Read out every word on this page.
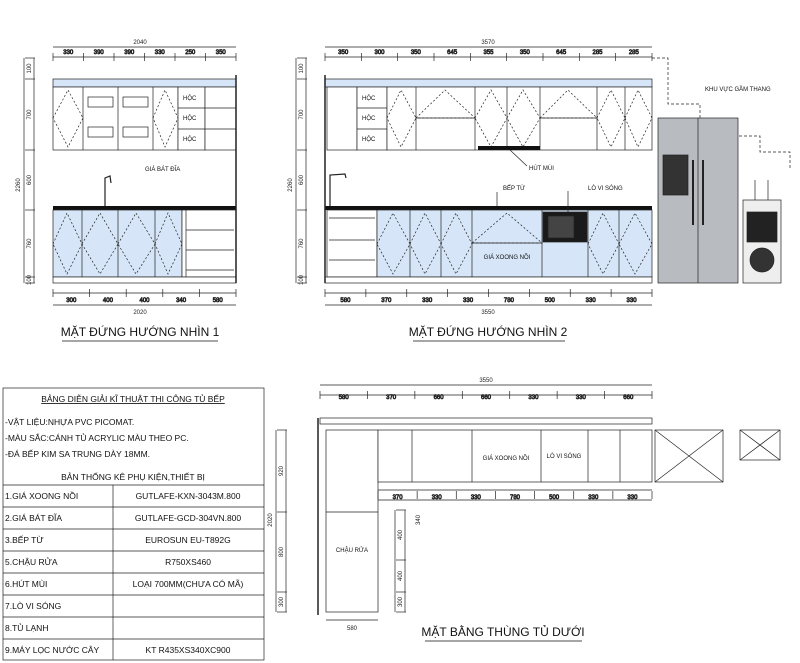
330	390	390	330	250	350
300	400	400	340	580
2040
2020
2260
HỘC
HỘC
HỘC
GIÁ BÁT ĐĨA
MẶT ĐỨNG HƯỚNG NHÌN 1
350	300	350	645	355	350	645	285	285
580	370	330	330	780	500	330	330
3570
3550
2260
HỘC
HỘC
HỘC
HÚT MÙI
BẾP TỪ	LÒ VI SÓNG
GIÁ XOONG NỒI
KHU VỰC GẦM THANG
MẶT ĐỨNG HƯỚNG NHÌN 2
580	370	660	660	330	330	660
370	330	330	780	500	330	330
3550
2020	340
580
GIÁ XOONG NỒI	LÒ VI SÓNG
CHẬU RỬA
MẶT BẰNG THÙNG TỦ DƯỚI
BẢNG DIỄN GIẢI KĨ THUẬT THI CÔNG TỦ BẾP
-VẬT LIỆU:NHỰA PVC PICOMAT.
-MÀU SẮC:CÁNH TỦ ACRYLIC MÀU THEO PC.
-ĐÁ BẾP KIM SA TRUNG DÀY 18MM.
BẢN THỐNG KÊ PHỤ KIỆN,THIẾT BỊ
1.GIÁ XOONG NỒI	GUTLAFE-KXN-3043M.800
2.GIÁ BÁT ĐĨA	GUTLAFE-GCD-304VN.800
3.BẾP TỪ	EUROSUN EU-T892G
5.CHẬU RỬA	R750XS460
6.HÚT MÙI	LOẠI 700MM(CHƯA CÓ MÃ)
7.LÒ VI SÓNG
8.TỦ LẠNH
9.MÁY LỌC NƯỚC CÂY	KT R435XS340XC900
100
700
600
760
100
100
700
600
760
100
920
800
300
400
400
300
